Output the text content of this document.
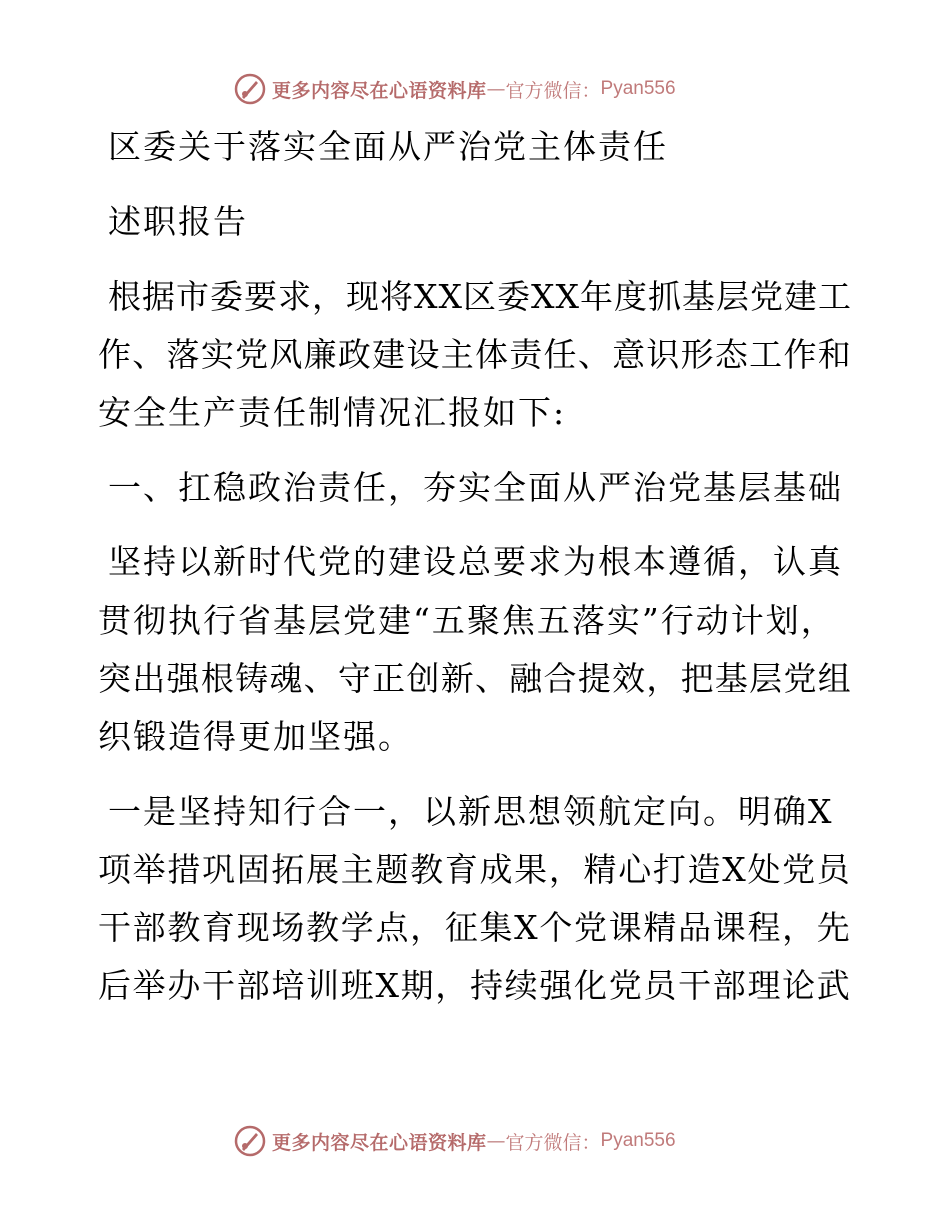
更多内容尽在心语资料库 — 官方微信： Pyan556
区委关于落实全面从严治党主体责任
述职报告
根据市委要求，现将XX区委XX年度抓基层党建工
作、落实党风廉政建设主体责任、意识形态工作和
安全生产责任制情况汇报如下:
一、扛稳政治责任，夯实全面从严治党基层基础
坚持以新时代党的建设总要求为根本遵循，认真
贯彻执行省基层党建“五聚焦五落实”行动计划，
突出强根铸魂、守正创新、融合提效，把基层党组
织锻造得更加坚强。
一是坚持知行合一，以新思想领航定向。明确X
项举措巩固拓展主题教育成果，精心打造X处党员
干部教育现场教学点，征集X个党课精品课程，先
后举办干部培训班X期，持续强化党员干部理论武
更多内容尽在心语资料库 — 官方微信： Pyan556
